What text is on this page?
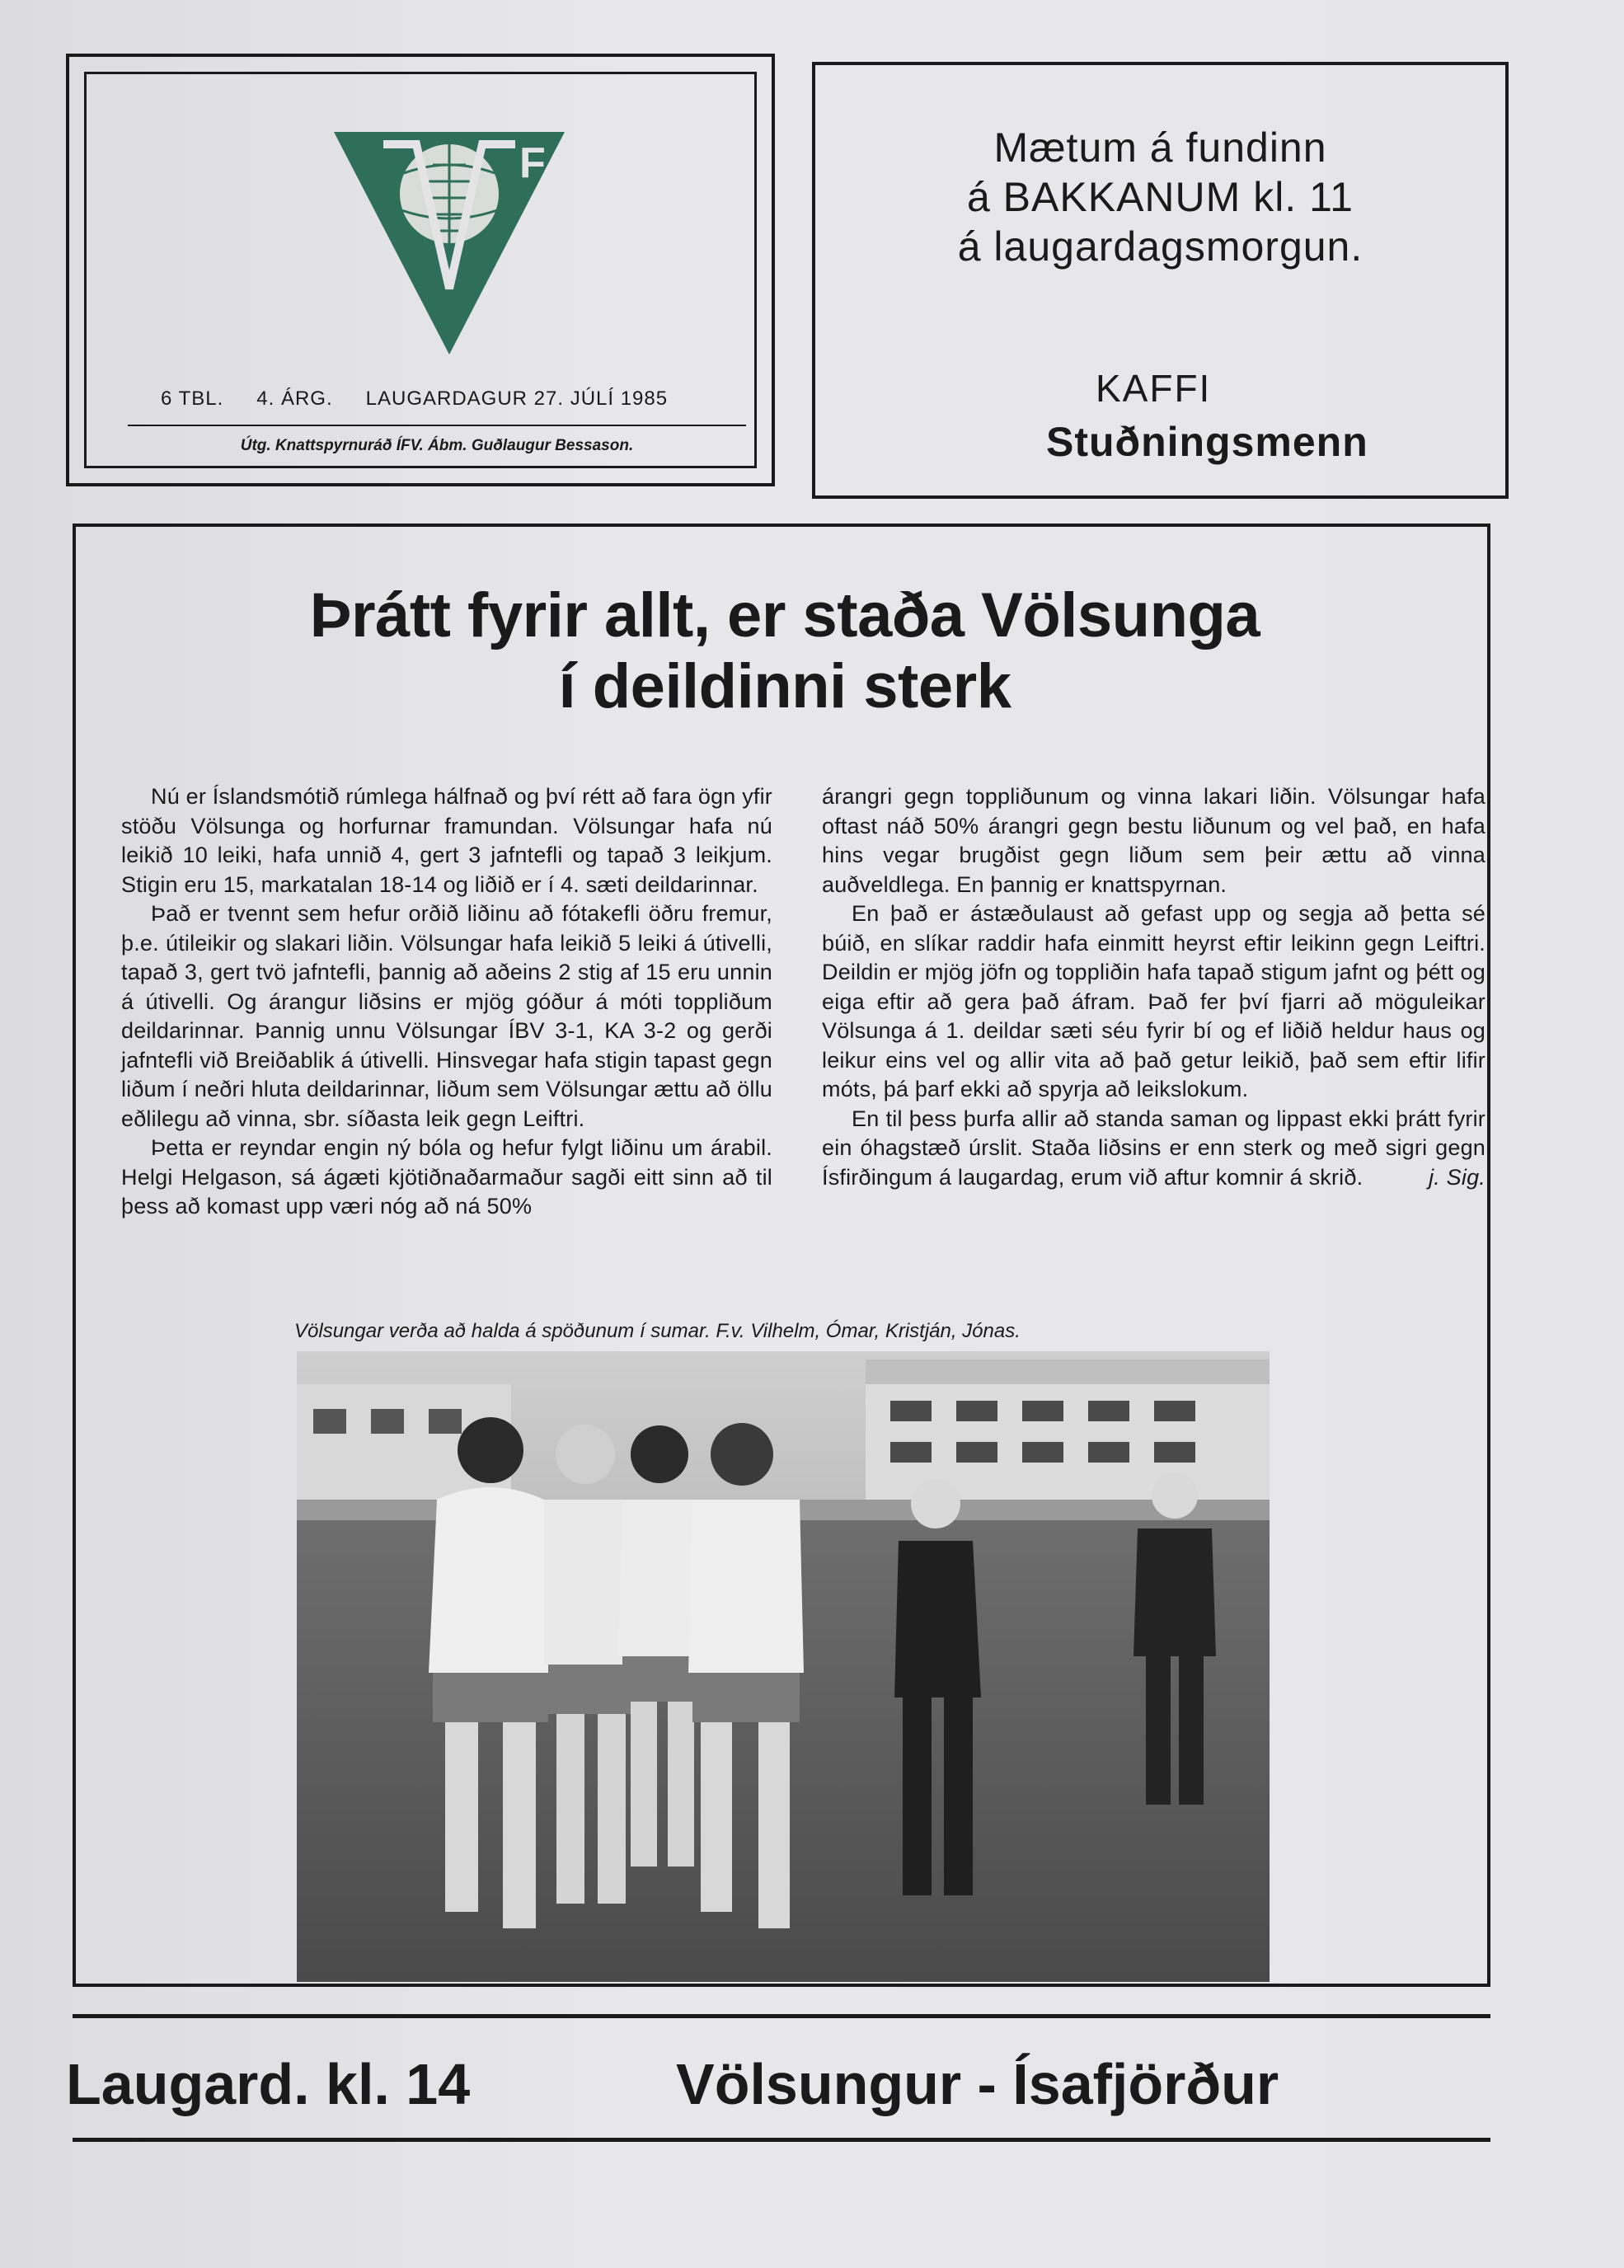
F
6 TBL. 4. ÁRG. LAUGARDAGUR 27. JÚLÍ 1985
Útg. Knattspyrnuráð ÍFV. Ábm. Guðlaugur Bessason.
Mætum á fundinn
á BAKKANUM kl. 11
á laugardagsmorgun.
KAFFI
Stuðningsmenn
Þrátt fyrir allt, er staða Völsunga
í deildinni sterk

Nú er Íslandsmótið rúmlega hálfnað og því rétt að fara ögn yfir stöðu Völsunga og horfurnar framundan. Völsungar hafa nú leikið 10 leiki, hafa unnið 4, gert 3 jafntefli og tapað 3 leikjum. Stigin eru 15, markatalan 18-14 og liðið er í 4. sæti deildarinnar.

Það er tvennt sem hefur orðið liðinu að fótakefli öðru fremur, þ.e. útileikir og slakari liðin. Völsungar hafa leikið 5 leiki á útivelli, tapað 3, gert tvö jafntefli, þannig að aðeins 2 stig af 15 eru unnin á útivelli. Og árangur liðsins er mjög góður á móti toppliðum deildarinnar. Þannig unnu Völsungar ÍBV 3-1, KA 3-2 og gerði jafntefli við Breiðablik á útivelli. Hinsvegar hafa stigin tapast gegn liðum í neðri hluta deildarinnar, liðum sem Völsungar ættu að öllu eðlilegu að vinna, sbr. síðasta leik gegn Leiftri.

Þetta er reyndar engin ný bóla og hefur fylgt liðinu um árabil. Helgi Helgason, sá ágæti kjötiðnaðarmaður sagði eitt sinn að til þess að komast upp væri nóg að ná 50%

árangri gegn toppliðunum og vinna lakari liðin. Völsungar hafa oftast náð 50% árangri gegn bestu liðunum og vel það, en hafa hins vegar brugðist gegn liðum sem þeir ættu að vinna auðveldlega. En þannig er knattspyrnan.

En það er ástæðulaust að gefast upp og segja að þetta sé búið, en slíkar raddir hafa einmitt heyrst eftir leikinn gegn Leiftri. Deildin er mjög jöfn og toppliðin hafa tapað stigum jafnt og þétt og eiga eftir að gera það áfram. Það fer því fjarri að möguleikar Völsunga á 1. deildar sæti séu fyrir bí og ef liðið heldur haus og leikur eins vel og allir vita að það getur leikið, það sem eftir lifir móts, þá þarf ekki að spyrja að leikslokum.

En til þess þurfa allir að standa saman og lippast ekki þrátt fyrir ein óhagstæð úrslit. Staða liðsins er enn sterk og með sigri gegn Ísfirðingum á laugardag, erum við aftur komnir á skrið.	j. Sig.
Völsungar verða að halda á spöðunum í sumar. F.v. Vilhelm, Ómar, Kristján, Jónas.
Laugard. kl. 14	Völsungur - Ísafjörður
